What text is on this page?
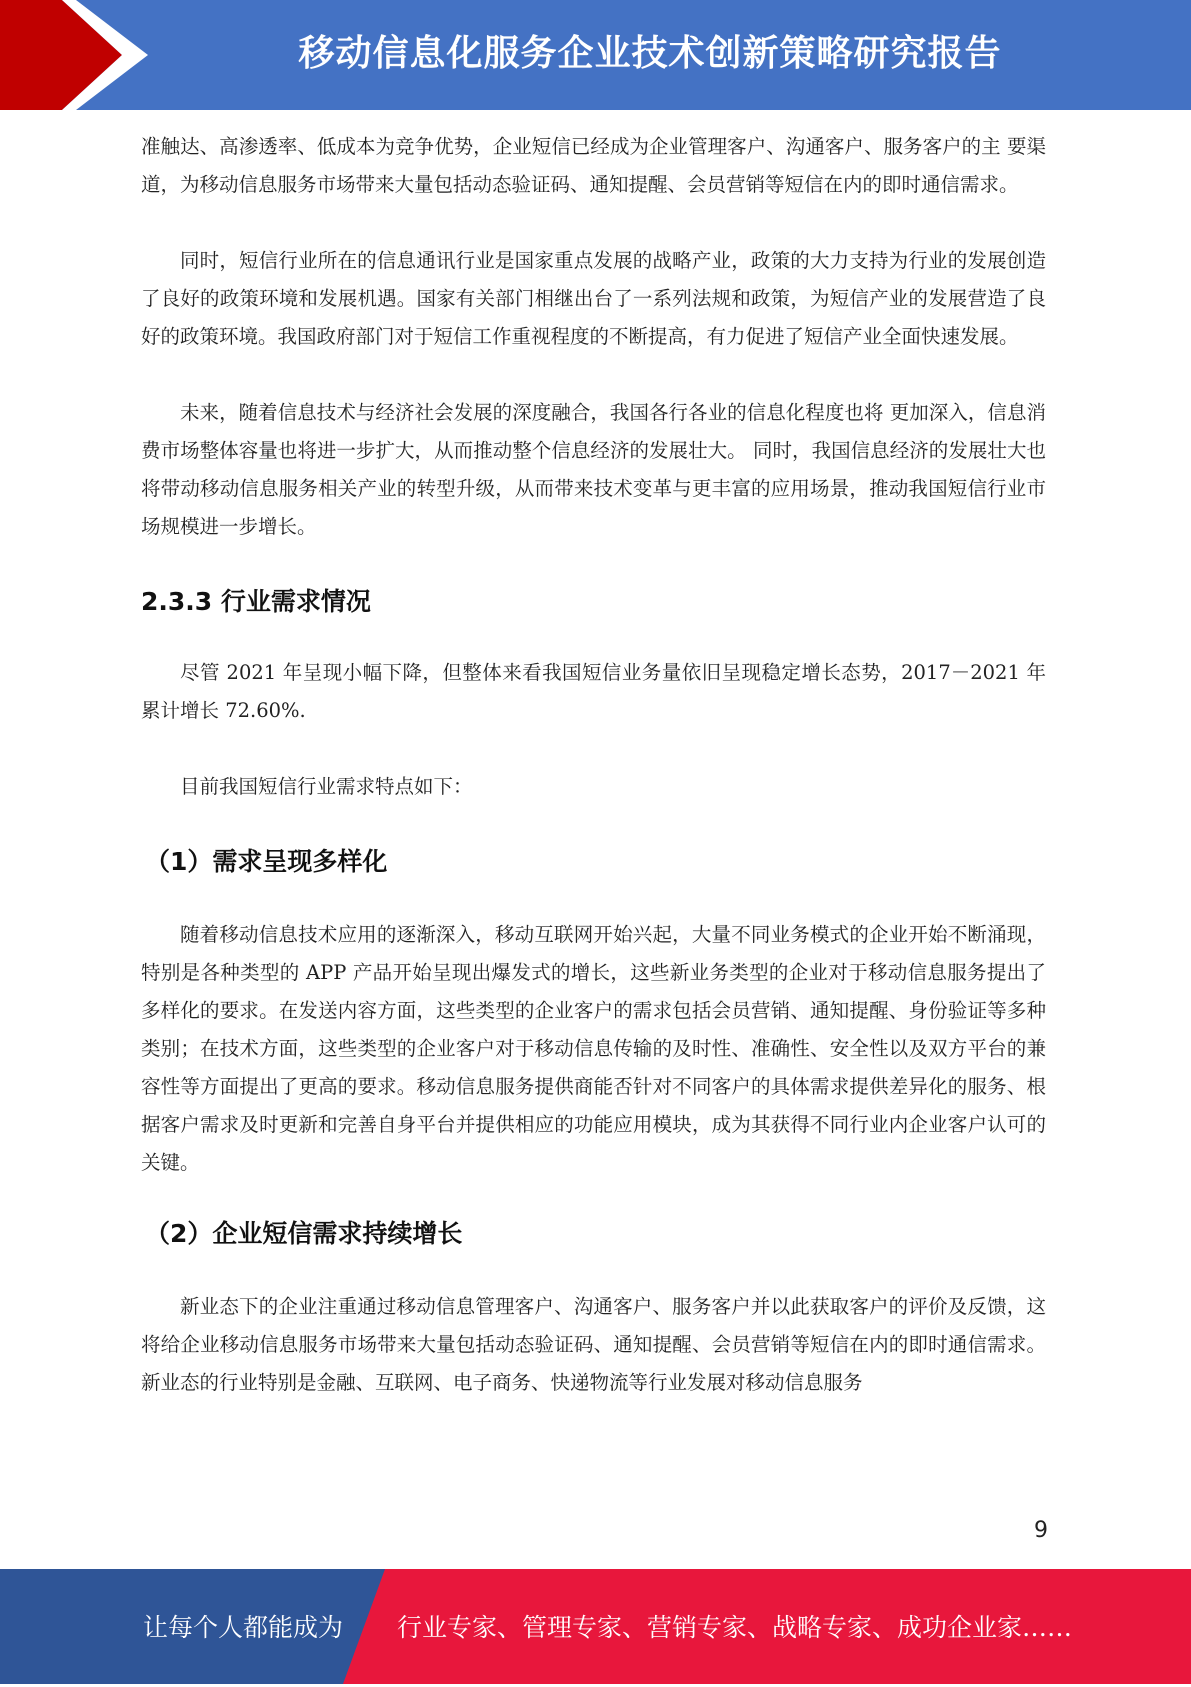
移动信息化服务企业技术创新策略研究报告

准触达、高渗透率、低成本为竞争优势，企业短信已经成为企业管理客户、沟通客户、服务客户的主 要渠道，为移动信息服务市场带来大量包括动态验证码、通知提醒、会员营销等短信在内的即时通信需求。

同时，短信行业所在的信息通讯行业是国家重点发展的战略产业，政策的大力支持为行业的发展创造了良好的政策环境和发展机遇。国家有关部门相继出台了一系列法规和政策，为短信产业的发展营造了良好的政策环境。我国政府部门对于短信工作重视程度的不断提高，有力促进了短信产业全面快速发展。

未来，随着信息技术与经济社会发展的深度融合，我国各行各业的信息化程度也将 更加深入，信息消费市场整体容量也将进一步扩大，从而推动整个信息经济的发展壮大。 同时，我国信息经济的发展壮大也将带动移动信息服务相关产业的转型升级，从而带来技术变革与更丰富的应用场景，推动我国短信行业市场规模进一步增长。

2.3.3 行业需求情况

尽管 2021 年呈现小幅下降，但整体来看我国短信业务量依旧呈现稳定增长态势，2017－2021 年累计增长 72.60%.

目前我国短信行业需求特点如下：

（1）需求呈现多样化

随着移动信息技术应用的逐渐深入，移动互联网开始兴起，大量不同业务模式的企业开始不断涌现，特别是各种类型的 APP 产品开始呈现出爆发式的增长，这些新业务类型的企业对于移动信息服务提出了多样化的要求。在发送内容方面，这些类型的企业客户的需求包括会员营销、通知提醒、身份验证等多种类别；在技术方面，这些类型的企业客户对于移动信息传输的及时性、准确性、安全性以及双方平台的兼容性等方面提出了更高的要求。移动信息服务提供商能否针对不同客户的具体需求提供差异化的服务、根据客户需求及时更新和完善自身平台并提供相应的功能应用模块，成为其获得不同行业内企业客户认可的关键。

（2）企业短信需求持续增长

新业态下的企业注重通过移动信息管理客户、沟通客户、服务客户并以此获取客户的评价及反馈，这将给企业移动信息服务市场带来大量包括动态验证码、通知提醒、会员营销等短信在内的即时通信需求。新业态的行业特别是金融、互联网、电子商务、快递物流等行业发展对移动信息服务

9
让每个人都能成为 行业专家、管理专家、营销专家、战略专家、成功企业家……
